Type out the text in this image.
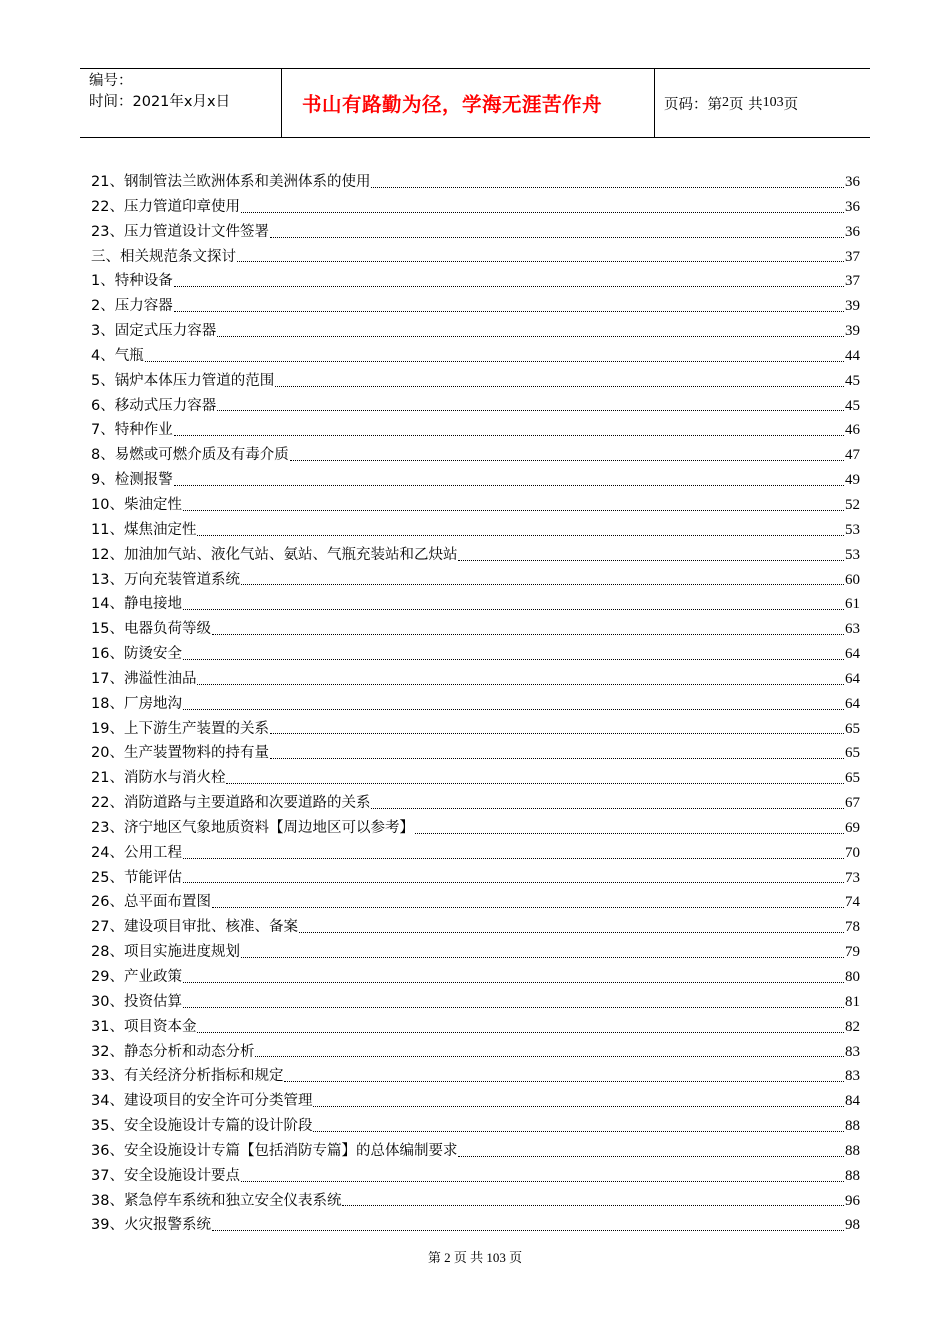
编号：
时间：2021年x月x日	书山有路勤为径，学海无涯苦作舟	页码：第 2 页 共 103 页
21、钢制管法兰欧洲体系和美洲体系的使用	36
22、压力管道印章使用	36
23、压力管道设计文件签署	36
三、相关规范条文探讨	37
1、特种设备	37
2、压力容器	39
3、固定式压力容器	39
4、气瓶	44
5、锅炉本体压力管道的范围	45
6、移动式压力容器	45
7、特种作业	46
8、易燃或可燃介质及有毒介质	47
9、检测报警	49
10、柴油定性	52
11、煤焦油定性	53
12、加油加气站、液化气站、氨站、气瓶充装站和乙炔站	53
13、万向充装管道系统	60
14、静电接地	61
15、电器负荷等级	63
16、防烫安全	64
17、沸溢性油品	64
18、厂房地沟	64
19、上下游生产装置的关系	65
20、生产装置物料的持有量	65
21、消防水与消火栓	65
22、消防道路与主要道路和次要道路的关系	67
23、济宁地区气象地质资料【周边地区可以参考】	69
24、公用工程	70
25、节能评估	73
26、总平面布置图	74
27、建设项目审批、核准、备案	78
28、项目实施进度规划	79
29、产业政策	80
30、投资估算	81
31、项目资本金	82
32、静态分析和动态分析	83
33、有关经济分析指标和规定	83
34、建设项目的安全许可分类管理	84
35、安全设施设计专篇的设计阶段	88
36、安全设施设计专篇【包括消防专篇】的总体编制要求	88
37、安全设施设计要点	88
38、紧急停车系统和独立安全仪表系统	96
39、火灾报警系统	98
第 2 页 共 103 页
